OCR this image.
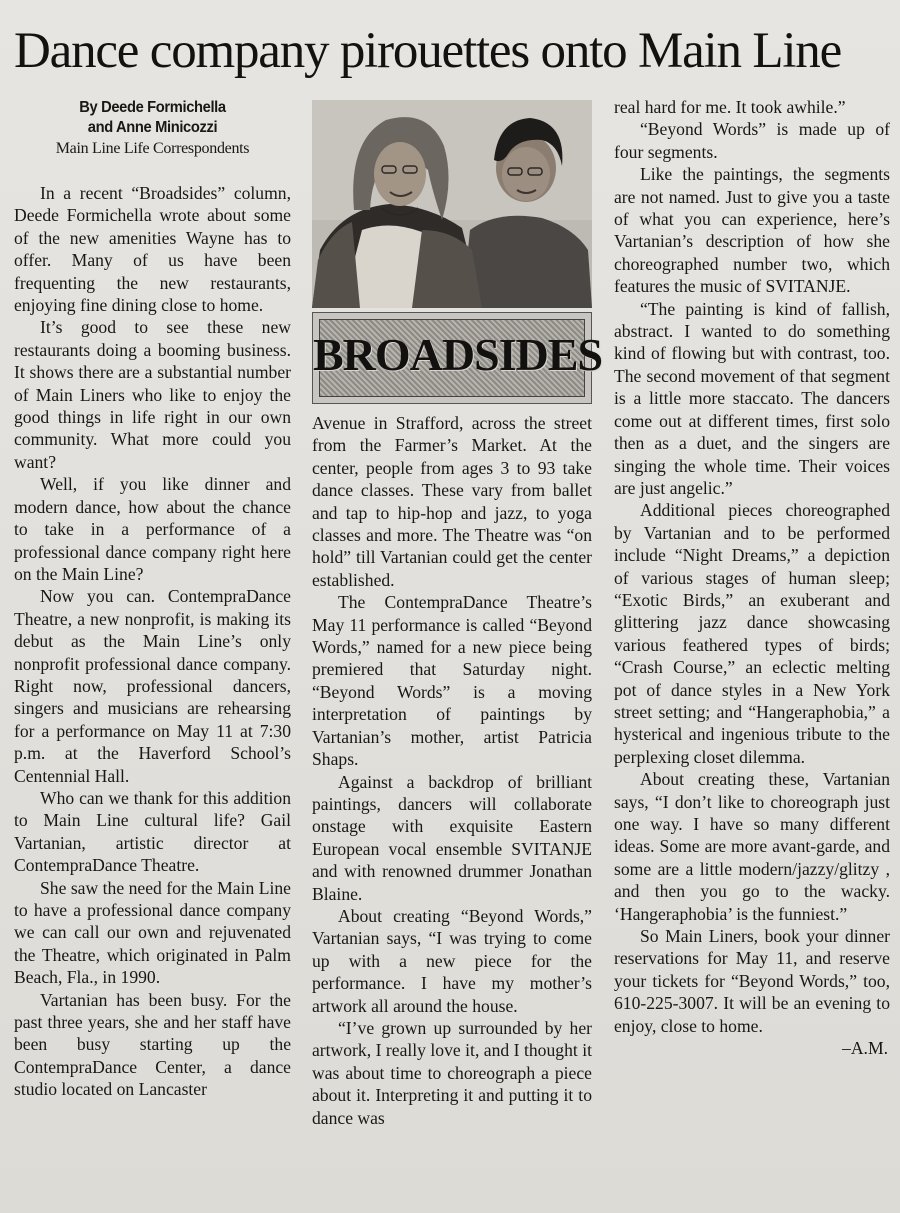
Dance company pirouettes onto Main Line
By Deede Formichella
and Anne Minicozzi
Main Line Life Correspondents

In a recent “Broadsides” column, Deede Formichella wrote about some of the new amenities Wayne has to offer. Many of us have been frequenting the new restaurants, enjoying fine dining close to home.

It’s good to see these new restaurants doing a booming business. It shows there are a substantial number of Main Liners who like to enjoy the good things in life right in our own community. What more could you want?

Well, if you like dinner and modern dance, how about the chance to take in a performance of a professional dance company right here on the Main Line?

Now you can. ContempraDance Theatre, a new nonprofit, is making its debut as the Main Line’s only nonprofit professional dance company. Right now, professional dancers, singers and musicians are rehearsing for a performance on May 11 at 7:30 p.m. at the Haverford School’s Centennial Hall.

Who can we thank for this addition to Main Line cultural life? Gail Vartanian, artistic director at ContempraDance Theatre.

She saw the need for the Main Line to have a professional dance company we can call our own and rejuvenated the Theatre, which originated in Palm Beach, Fla., in 1990.

Vartanian has been busy. For the past three years, she and her staff have been busy starting up the ContempraDance Center, a dance studio located on Lancaster

BROADSIDES

Avenue in Strafford, across the street from the Farmer’s Market. At the center, people from ages 3 to 93 take dance classes. These vary from ballet and tap to hip-hop and jazz, to yoga classes and more. The Theatre was “on hold” till Vartanian could get the center established.

The ContempraDance Theatre’s May 11 performance is called “Beyond Words,” named for a new piece being premiered that Saturday night. “Beyond Words” is a moving interpretation of paintings by Vartanian’s mother, artist Patricia Shaps.

Against a backdrop of brilliant paintings, dancers will collaborate onstage with exquisite Eastern European vocal ensemble SVITANJE and with renowned drummer Jonathan Blaine.

About creating “Beyond Words,” Vartanian says, “I was trying to come up with a new piece for the performance. I have my mother’s artwork all around the house.

“I’ve grown up surrounded by her artwork, I really love it, and I thought it was about time to choreograph a piece about it. Interpreting it and putting it to dance was

real hard for me. It took awhile.”

“Beyond Words” is made up of four segments.

Like the paintings, the segments are not named. Just to give you a taste of what you can experience, here’s Vartanian’s description of how she choreographed number two, which features the music of SVITANJE.

“The painting is kind of fallish, abstract. I wanted to do something kind of flowing but with contrast, too. The second movement of that segment is a little more staccato. The dancers come out at different times, first solo then as a duet, and the singers are singing the whole time. Their voices are just angelic.”

Additional pieces choreographed by Vartanian and to be performed include “Night Dreams,” a depiction of various stages of human sleep; “Exotic Birds,” an exuberant and glittering jazz dance showcasing various feathered types of birds; “Crash Course,” an eclectic melting pot of dance styles in a New York street setting; and “Hangeraphobia,” a hysterical and ingenious tribute to the perplexing closet dilemma.

About creating these, Vartanian says, “I don’t like to choreograph just one way. I have so many different ideas. Some are more avant-garde, and some are a little modern/jazzy/glitzy , and then you go to the wacky. ‘Hangeraphobia’ is the funniest.”

So Main Liners, book your dinner reservations for May 11, and reserve your tickets for “Beyond Words,” too, 610-225-3007. It will be an evening to enjoy, close to home.

–A.M.
